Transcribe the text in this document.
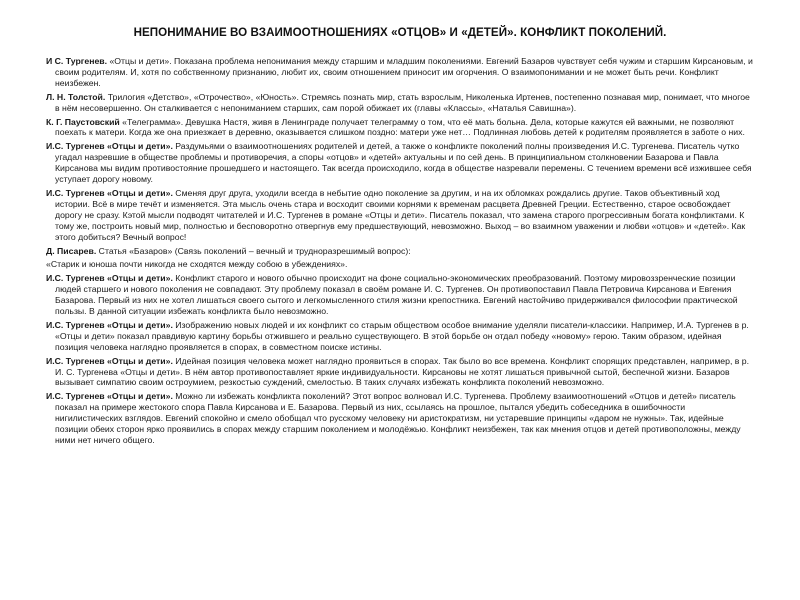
НЕПОНИМАНИЕ ВО ВЗАИМООТНОШЕНИЯХ «ОТЦОВ» И «ДЕТЕЙ». КОНФЛИКТ ПОКОЛЕНИЙ.

И С. Тургенев. «Отцы и дети». Показана проблема непонимания между старшим и младшим поколениями. Евгений Базаров чувствует себя чужим и старшим Кирсановым, и своим родителям. И, хотя по собственному признанию, любит их, своим отношением приносит им огорчения. О взаимопонимании и не может быть речи. Конфликт неизбежен.

Л. Н. Толстой. Трилогия «Детство», «Отрочество», «Юность». Стремясь познать мир, стать взрослым, Николенька Иртенев, постепенно познавая мир, понимает, что многое в нём несовершенно. Он сталкивается с непониманием старших, сам порой обижает их (главы «Классы», «Наталья Савишна»).

К. Г. Паустовский «Телеграмма». Девушка Настя, живя в Ленинграде получает телеграмму о том, что её мать больна. Дела, которые кажутся ей важными, не позволяют поехать к матери. Когда же она приезжает в деревню, оказывается слишком поздно: матери уже нет… Подлинная любовь детей к родителям проявляется в заботе о них.

И.С. Тургенев «Отцы и дети». Раздумьями о взаимоотношениях родителей и детей, а также о конфликте поколений полны произведения И.С. Тургенева. Писатель чутко угадал назревшие в обществе проблемы и противоречия, а споры «отцов» и «детей» актуальны и по сей день. В принципиальном столкновении Базарова и Павла Кирсанова мы видим противостояние прошедшего и настоящего. Так всегда происходило, когда в обществе назревали перемены. С течением времени всё изжившее себя уступает дорогу новому.

И.С. Тургенев «Отцы и дети». Сменяя друг друга, уходили всегда в небытие одно поколение за другим, и на их обломках рождались другие. Таков объективный ход истории. Всё в мире течёт и изменяется. Эта мысль очень стара и восходит своими корнями к временам расцвета Древней Греции. Естественно, старое освобождает дорогу не сразу. Кэтой мысли подводят читателей и И.С. Тургенев в романе «Отцы и дети». Писатель показал, что замена старого прогрессивным богата конфликтами. К тому же, построить новый мир, полностью и бесповоротно отвергнув ему предшествующий, невозможно. Выход – во взаимном уважении и любви «отцов» и «детей». Как этого добиться? Вечный вопрос!

Д. Писарев. Статья «Базаров» (Связь поколений – вечный и трудноразрешимый вопрос):

«Старик и юноша почти никогда не сходятся между собою в убеждениях».

И.С. Тургенев «Отцы и дети». Конфликт старого и нового обычно происходит на фоне социально-экономических преобразований. Поэтому мировоззренческие позиции людей старшего и нового поколения не совпадают. Эту проблему показал в своём романе И. С. Тургенев. Он противопоставил Павла Петровича Кирсанова и Евгения Базарова. Первый из них не хотел лишаться своего сытого и легкомысленного стиля жизни крепостника. Евгений настойчиво придерживался философии практической пользы. В данной ситуации избежать конфликта было невозможно.

И.С. Тургенев «Отцы и дети». Изображению новых людей и их конфликт со старым обществом особое внимание уделяли писатели-классики. Например, И.А. Тургенев в р. «Отцы и дети» показал правдивую картину борьбы отжившего и реально существующего. В этой борьбе он отдал победу «новому» герою. Таким образом, идейная позиция человека наглядно проявляется в спорах, в совместном поиске истины.

И.С. Тургенев «Отцы и дети». Идейная позиция человека может наглядно проявиться в спорах. Так было во все времена. Конфликт спорящих представлен, например, в р. И. С. Тургенева «Отцы и дети». В нём автор противопоставляет яркие индивидуальности. Кирсановы не хотят лишаться привычной сытой, беспечной жизни. Базаров вызывает симпатию своим остроумием, резкостью суждений, смелостью. В таких случаях избежать конфликта поколений невозможно.

И.С. Тургенев «Отцы и дети». Можно ли избежать конфликта поколений? Этот вопрос волновал И.С. Тургенева. Проблему взаимоотношений «Отцов и детей» писатель показал на примере жестокого спора Павла Кирсанова и Е. Базарова. Первый из них, ссылаясь на прошлое, пытался убедить собеседника в ошибочности нигилистических взглядов. Евгений спокойно и смело обобщал что русскому человеку ни аристократизм, ни устаревшие принципы «даром не нужны». Так, идейные позиции обеих сторон ярко проявились в спорах между старшим поколением и молодёжью. Конфликт неизбежен, так как мнения отцов и детей противоположны, между ними нет ничего общего.
